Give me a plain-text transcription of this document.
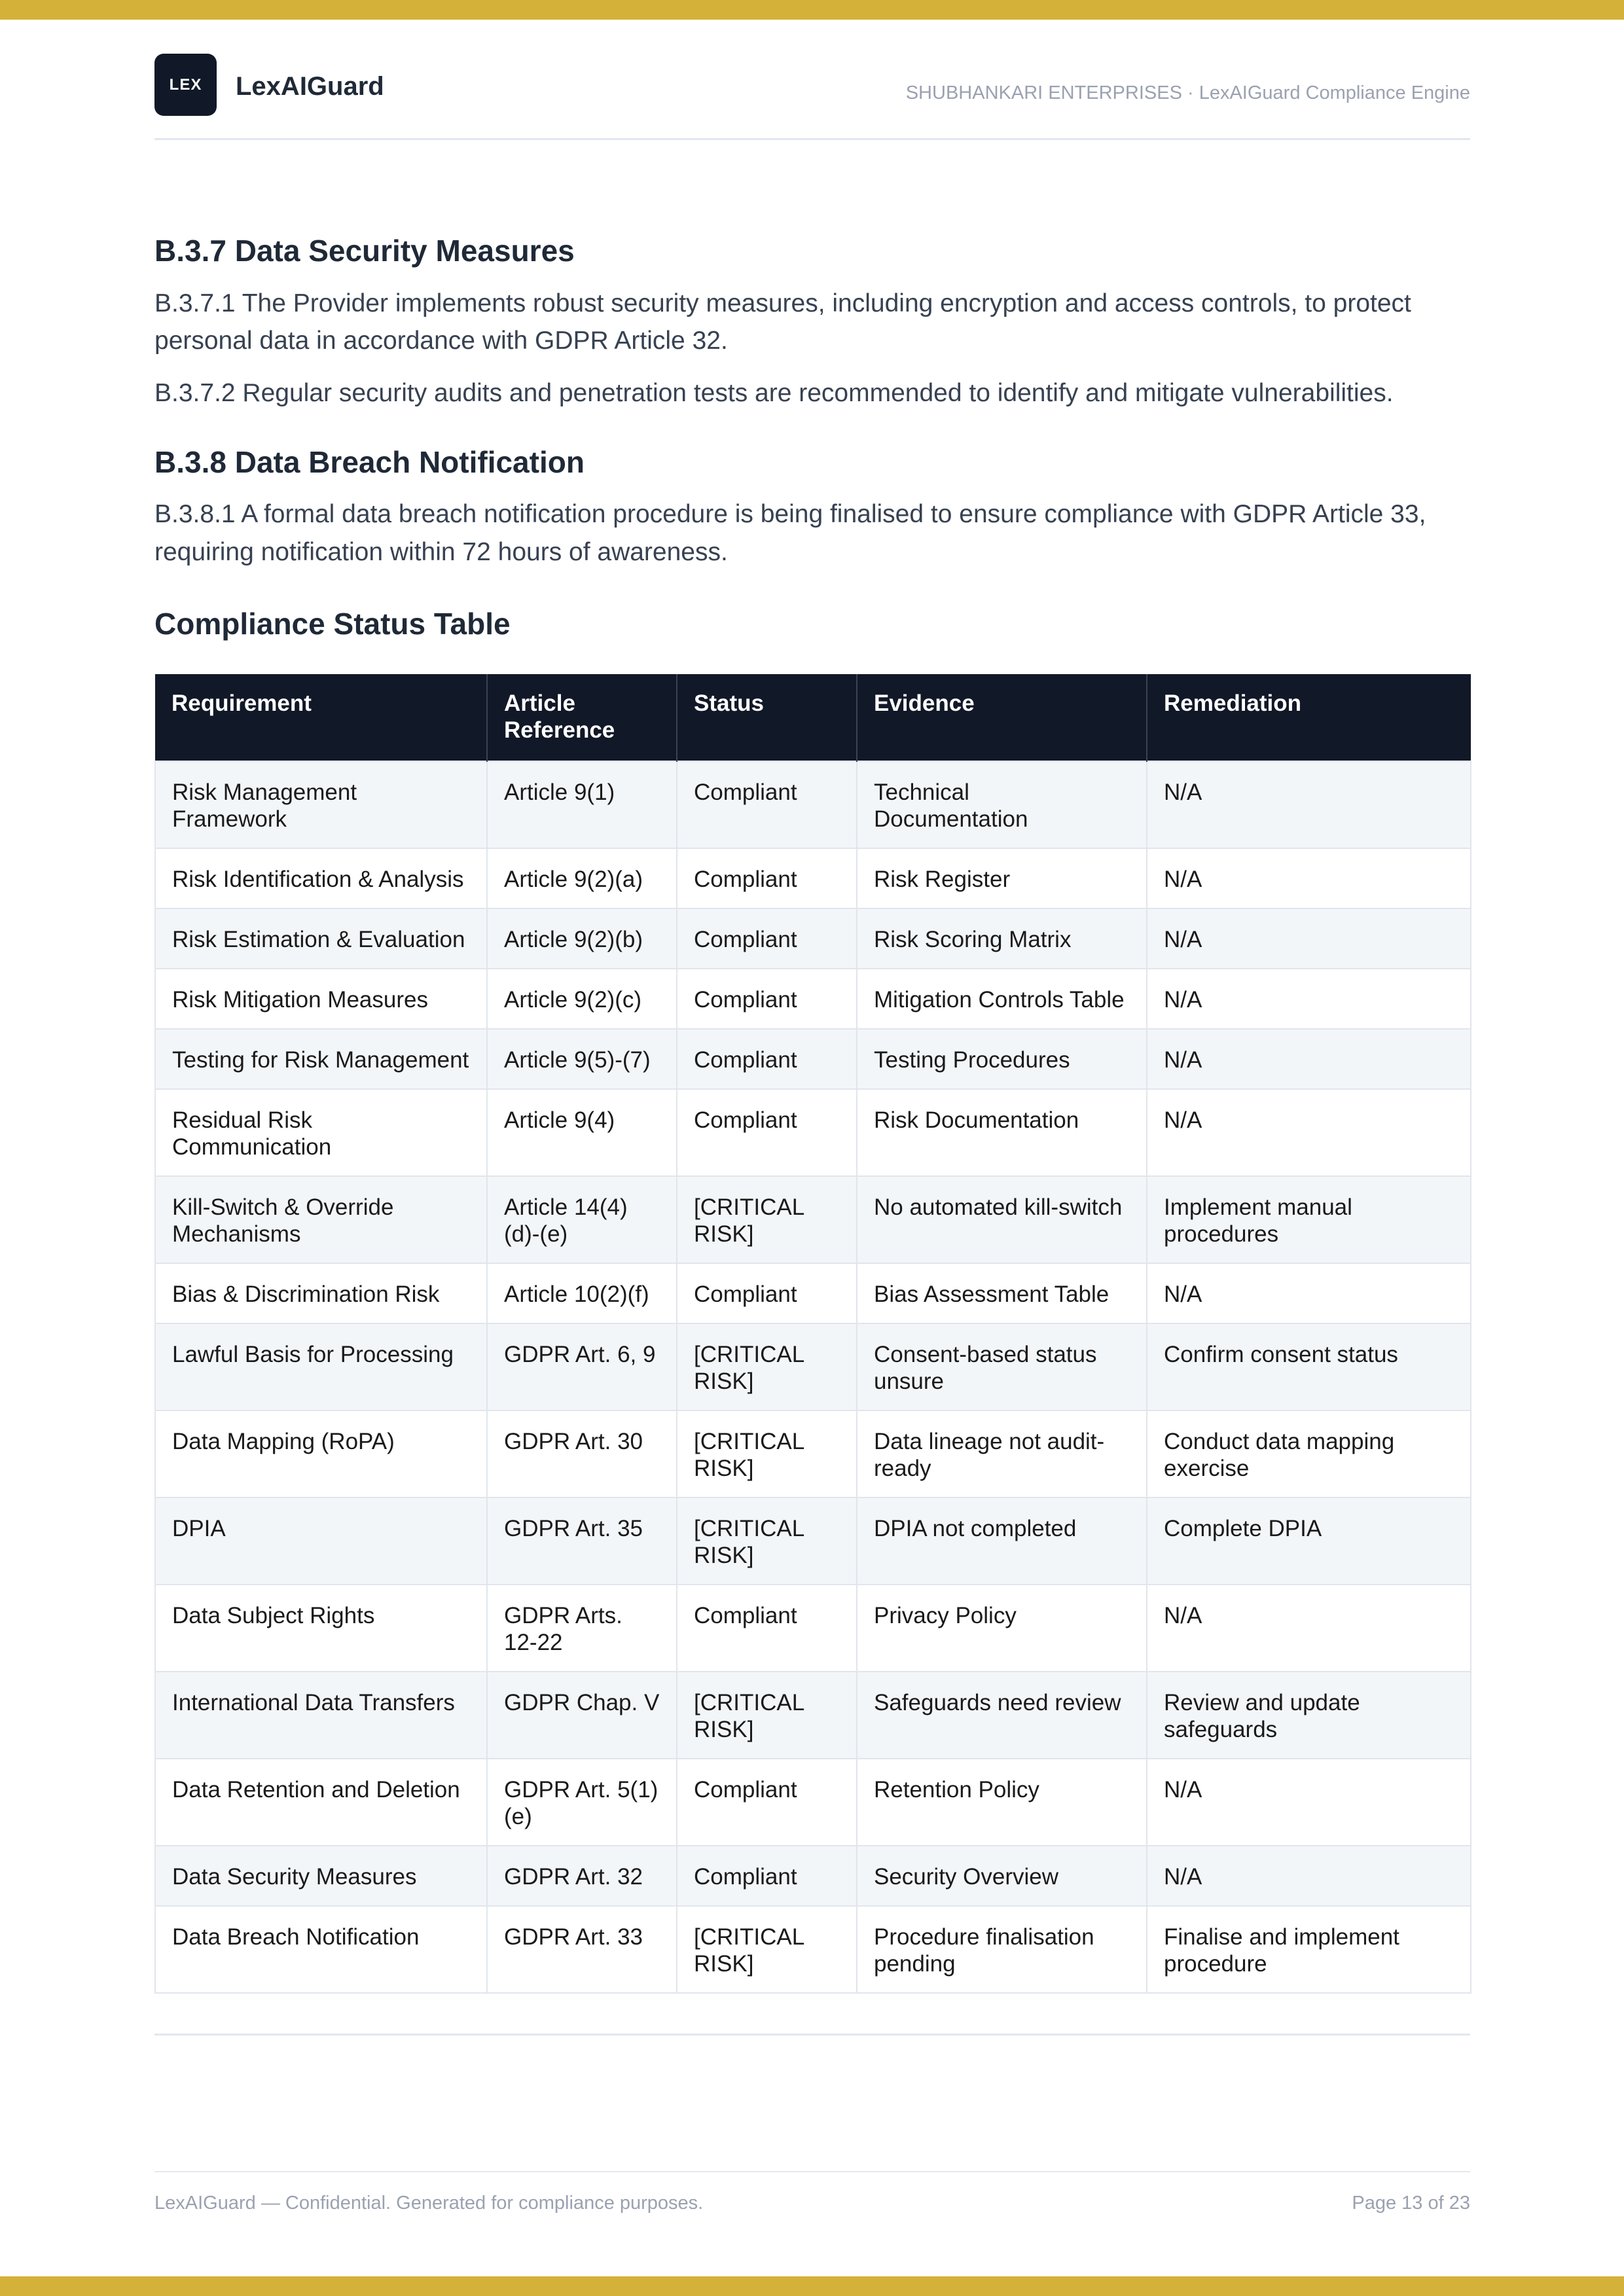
LEX	LexAIGuard	SHUBHANKARI ENTERPRISES · LexAIGuard Compliance Engine
B.3.7 Data Security Measures

B.3.7.1 The Provider implements robust security measures, including encryption and access controls, to protect personal data in accordance with GDPR Article 32.

B.3.7.2 Regular security audits and penetration tests are recommended to identify and mitigate vulnerabilities.

B.3.8 Data Breach Notification

B.3.8.1 A formal data breach notification procedure is being finalised to ensure compliance with GDPR Article 33, requiring notification within 72 hours of awareness.

Compliance Status Table
Requirement	Article Reference	Status	Evidence	Remediation
Risk Management Framework	Article 9(1)	Compliant	Technical Documentation	N/A
Risk Identification & Analysis	Article 9(2)(a)	Compliant	Risk Register	N/A
Risk Estimation & Evaluation	Article 9(2)(b)	Compliant	Risk Scoring Matrix	N/A
Risk Mitigation Measures	Article 9(2)(c)	Compliant	Mitigation Controls Table	N/A
Testing for Risk Management	Article 9(5)-(7)	Compliant	Testing Procedures	N/A
Residual Risk Communication	Article 9(4)	Compliant	Risk Documentation	N/A
Kill-Switch & Override Mechanisms	Article 14(4)(d)-(e)	[CRITICAL RISK]	No automated kill-switch	Implement manual procedures
Bias & Discrimination Risk	Article 10(2)(f)	Compliant	Bias Assessment Table	N/A
Lawful Basis for Processing	GDPR Art. 6, 9	[CRITICAL RISK]	Consent-based status unsure	Confirm consent status
Data Mapping (RoPA)	GDPR Art. 30	[CRITICAL RISK]	Data lineage not audit-ready	Conduct data mapping exercise
DPIA	GDPR Art. 35	[CRITICAL RISK]	DPIA not completed	Complete DPIA
Data Subject Rights	GDPR Arts. 12-22	Compliant	Privacy Policy	N/A
International Data Transfers	GDPR Chap. V	[CRITICAL RISK]	Safeguards need review	Review and update safeguards
Data Retention and Deletion	GDPR Art. 5(1)(e)	Compliant	Retention Policy	N/A
Data Security Measures	GDPR Art. 32	Compliant	Security Overview	N/A
Data Breach Notification	GDPR Art. 33	[CRITICAL RISK]	Procedure finalisation pending	Finalise and implement procedure
LexAIGuard — Confidential. Generated for compliance purposes.	Page 13 of 23
